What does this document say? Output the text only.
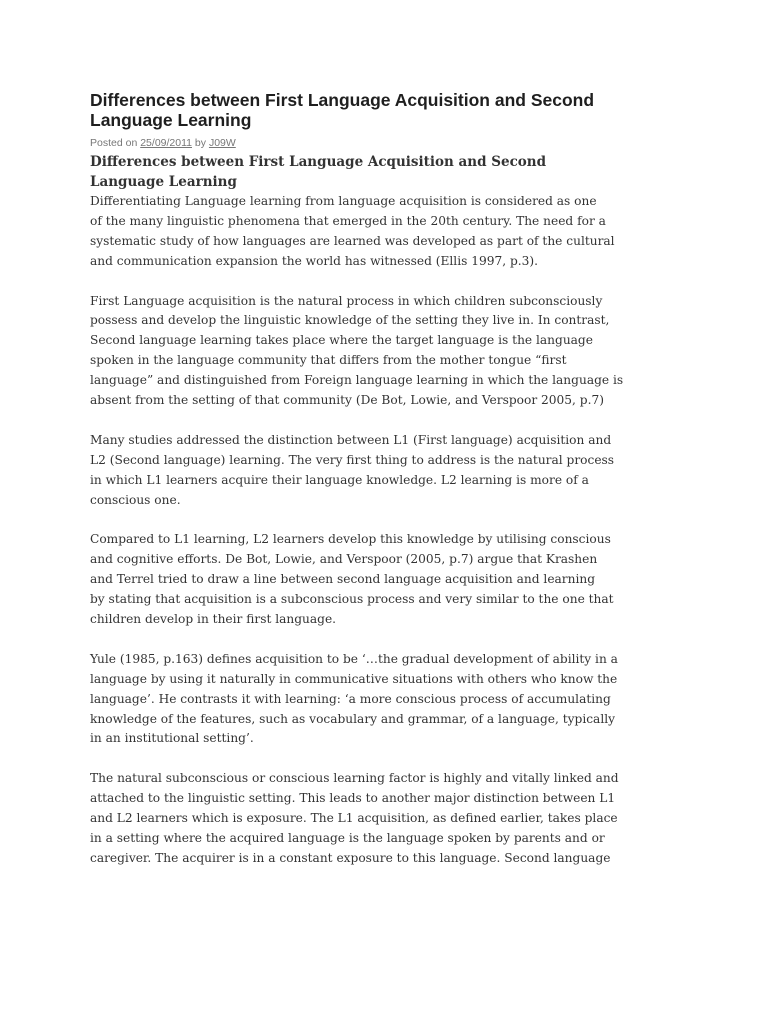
Differences between First Language Acquisition and Second Language Learning
Posted on 25/09/2011 by J09W
Differences between First Language Acquisition and Second
Language Learning

Differentiating Language learning from language acquisition is considered as one
of the many linguistic phenomena that emerged in the 20th century. The need for a
systematic study of how languages are learned was developed as part of the cultural
and communication expansion the world has witnessed (Ellis 1997, p.3).

First Language acquisition is the natural process in which children subconsciously
possess and develop the linguistic knowledge of the setting they live in. In contrast,
Second language learning takes place where the target language is the language
spoken in the language community that differs from the mother tongue “first
language” and distinguished from Foreign language learning in which the language is
absent from the setting of that community (De Bot, Lowie, and Verspoor 2005, p.7)

Many studies addressed the distinction between L1 (First language) acquisition and
L2 (Second language) learning. The very first thing to address is the natural process
in which L1 learners acquire their language knowledge. L2 learning is more of a
conscious one.

Compared to L1 learning, L2 learners develop this knowledge by utilising conscious
and cognitive efforts. De Bot, Lowie, and Verspoor (2005, p.7) argue that Krashen
and Terrel tried to draw a line between second language acquisition and learning
by stating that acquisition is a subconscious process and very similar to the one that
children develop in their first language.

Yule (1985, p.163) defines acquisition to be ‘…the gradual development of ability in a
language by using it naturally in communicative situations with others who know the
language’. He contrasts it with learning: ‘a more conscious process of accumulating
knowledge of the features, such as vocabulary and grammar, of a language, typically
in an institutional setting’.

The natural subconscious or conscious learning factor is highly and vitally linked and
attached to the linguistic setting. This leads to another major distinction between L1
and L2 learners which is exposure. The L1 acquisition, as defined earlier, takes place
in a setting where the acquired language is the language spoken by parents and or
caregiver. The acquirer is in a constant exposure to this language. Second language
